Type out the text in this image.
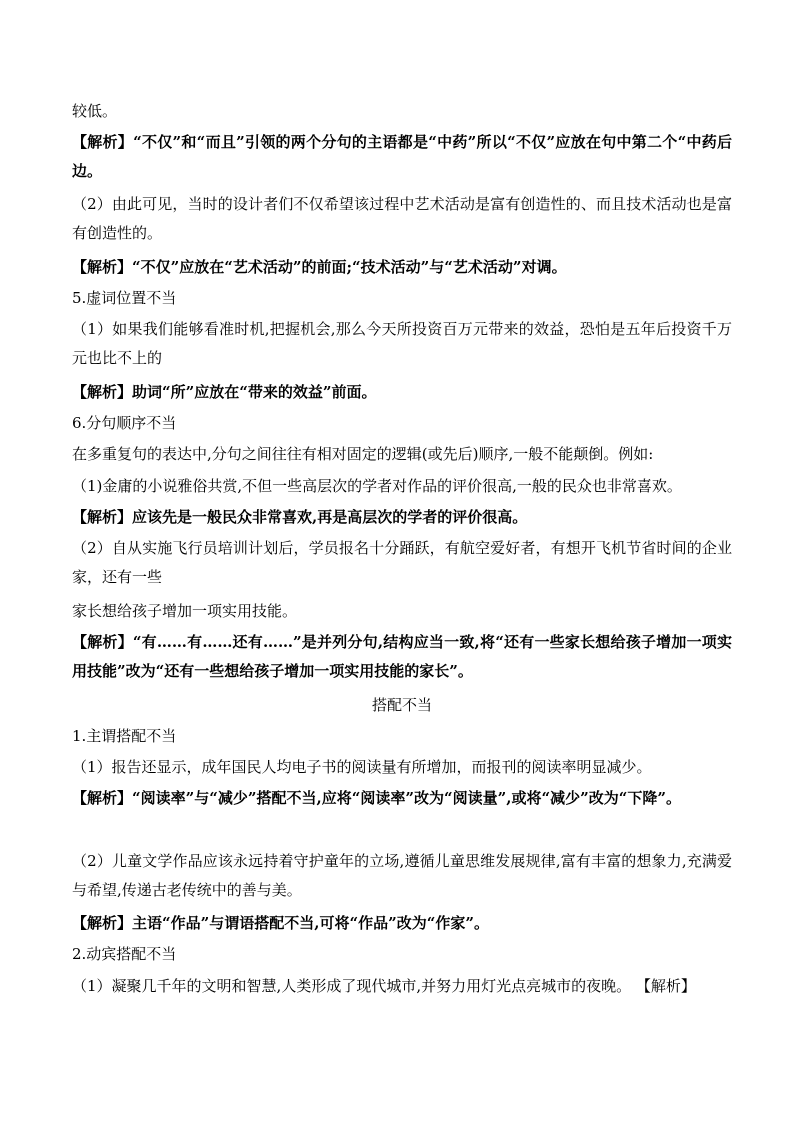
较低。

【解析】“不仅”和“而且”引领的两个分句的主语都是“中药”所以“不仅”应放在句中第二个“中药后边。

（2）由此可见，当时的设计者们不仅希望该过程中艺术活动是富有创造性的、而且技术活动也是富有创造性的。

【解析】“不仅”应放在“艺术活动”的前面;“技术活动”与“艺术活动”对调。

5.虚词位置不当

（1）如果我们能够看准时机,把握机会,那么今天所投资百万元带来的效益，恐怕是五年后投资千万元也比不上的

【解析】助词“所”应放在“带来的效益”前面。

6.分句顺序不当

在多重复句的表达中,分句之间往往有相对固定的逻辑(或先后)顺序,一般不能颠倒。例如:

（1)金庸的小说雅俗共赏,不但一些高层次的学者对作品的评价很高,一般的民众也非常喜欢。

【解析】应该先是一般民众非常喜欢,再是高层次的学者的评价很高。

（2）自从实施飞行员培训计划后，学员报名十分踊跃，有航空爱好者，有想开飞机节省时间的企业家，还有一些

家长想给孩子增加一项实用技能。

【解析】“有……有……还有……”是并列分句,结构应当一致,将“还有一些家长想给孩子增加一项实用技能”改为“还有一些想给孩子增加一项实用技能的家长”。

搭配不当

1.主谓搭配不当

（1）报告还显示，成年国民人均电子书的阅读量有所增加，而报刊的阅读率明显减少。

【解析】“阅读率”与“减少”搭配不当,应将“阅读率”改为“阅读量”,或将“减少”改为“下降”。

（2）儿童文学作品应该永远持着守护童年的立场,遵循儿童思维发展规律,富有丰富的想象力,充满爱与希望,传递古老传统中的善与美。

【解析】主语“作品”与谓语搭配不当,可将“作品”改为“作家”。

2.动宾搭配不当

（1）凝聚几千年的文明和智慧,人类形成了现代城市,并努力用灯光点亮城市的夜晚。 【解析】
